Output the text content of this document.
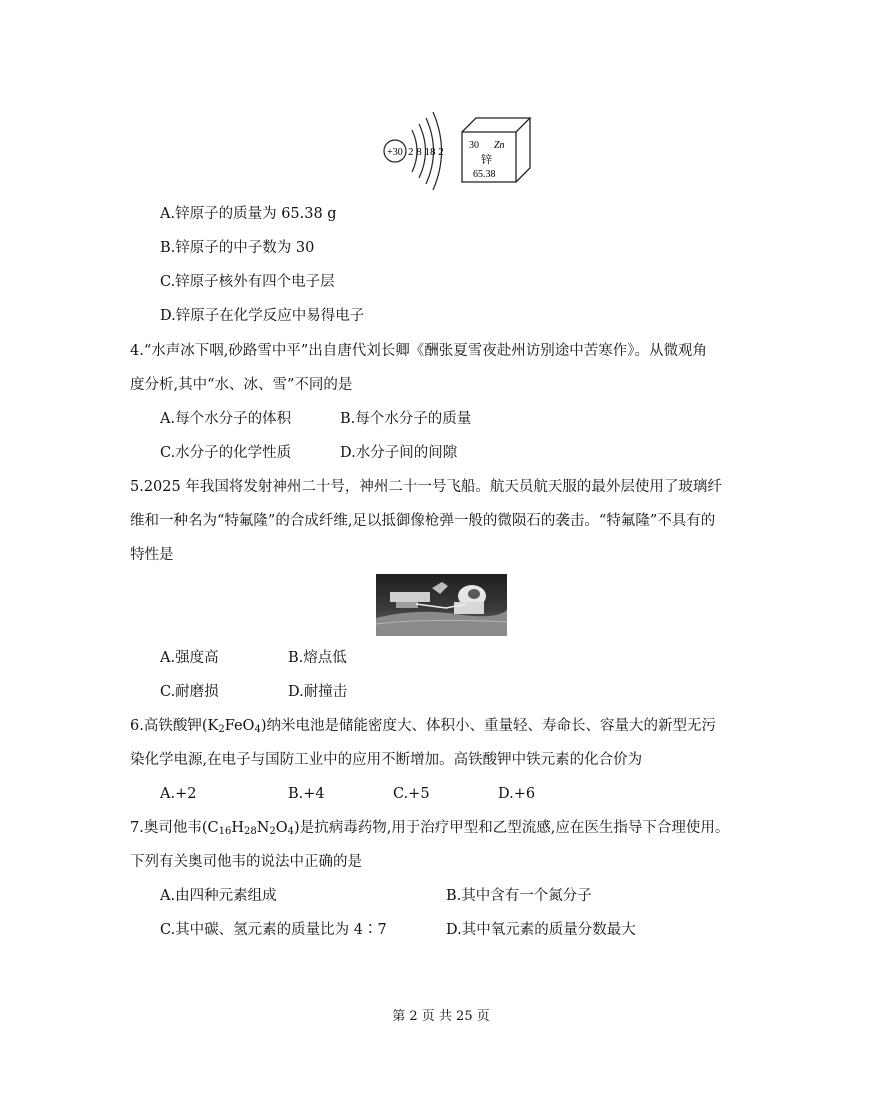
+30 2 8 18 2
30 Zn
锌
65.38
A.锌原子的质量为 65.38 g
B.锌原子的中子数为 30
C.锌原子核外有四个电子层
D.锌原子在化学反应中易得电子
4.“水声冰下咽,砂路雪中平”出自唐代刘长卿《酬张夏雪夜赴州访别途中苦寒作》。从微观角
度分析,其中“水、冰、雪”不同的是
A.每个水分子的体积	B.每个水分子的质量
C.水分子的化学性质	D.水分子间的间隙
5.2025 年我国将发射神州二十号，神州二十一号飞船。航天员航天服的最外层使用了玻璃纤
维和一种名为“特氟隆”的合成纤维,足以抵御像枪弹一般的微陨石的袭击。“特氟隆”不具有的
特性是
A.强度高	B.熔点低
C.耐磨损	D.耐撞击
6.高铁酸钾$(K_2FeO_4)$纳米电池是储能密度大、体积小、重量轻、寿命长、容量大的新型无污
染化学电源,在电子与国防工业中的应用不断增加。高铁酸钾中铁元素的化合价为
A.+2	B.+4	C.+5	D.+6
7.奥司他韦$(C_{16}H_{28}N_2O_4)$是抗病毒药物,用于治疗甲型和乙型流感,应在医生指导下合理使用。
下列有关奥司他韦的说法中正确的是
A.由四种元素组成	B.其中含有一个氮分子
C.其中碳、氢元素的质量比为 4∶7	D.其中氧元素的质量分数最大
第 2 页 共 25 页
